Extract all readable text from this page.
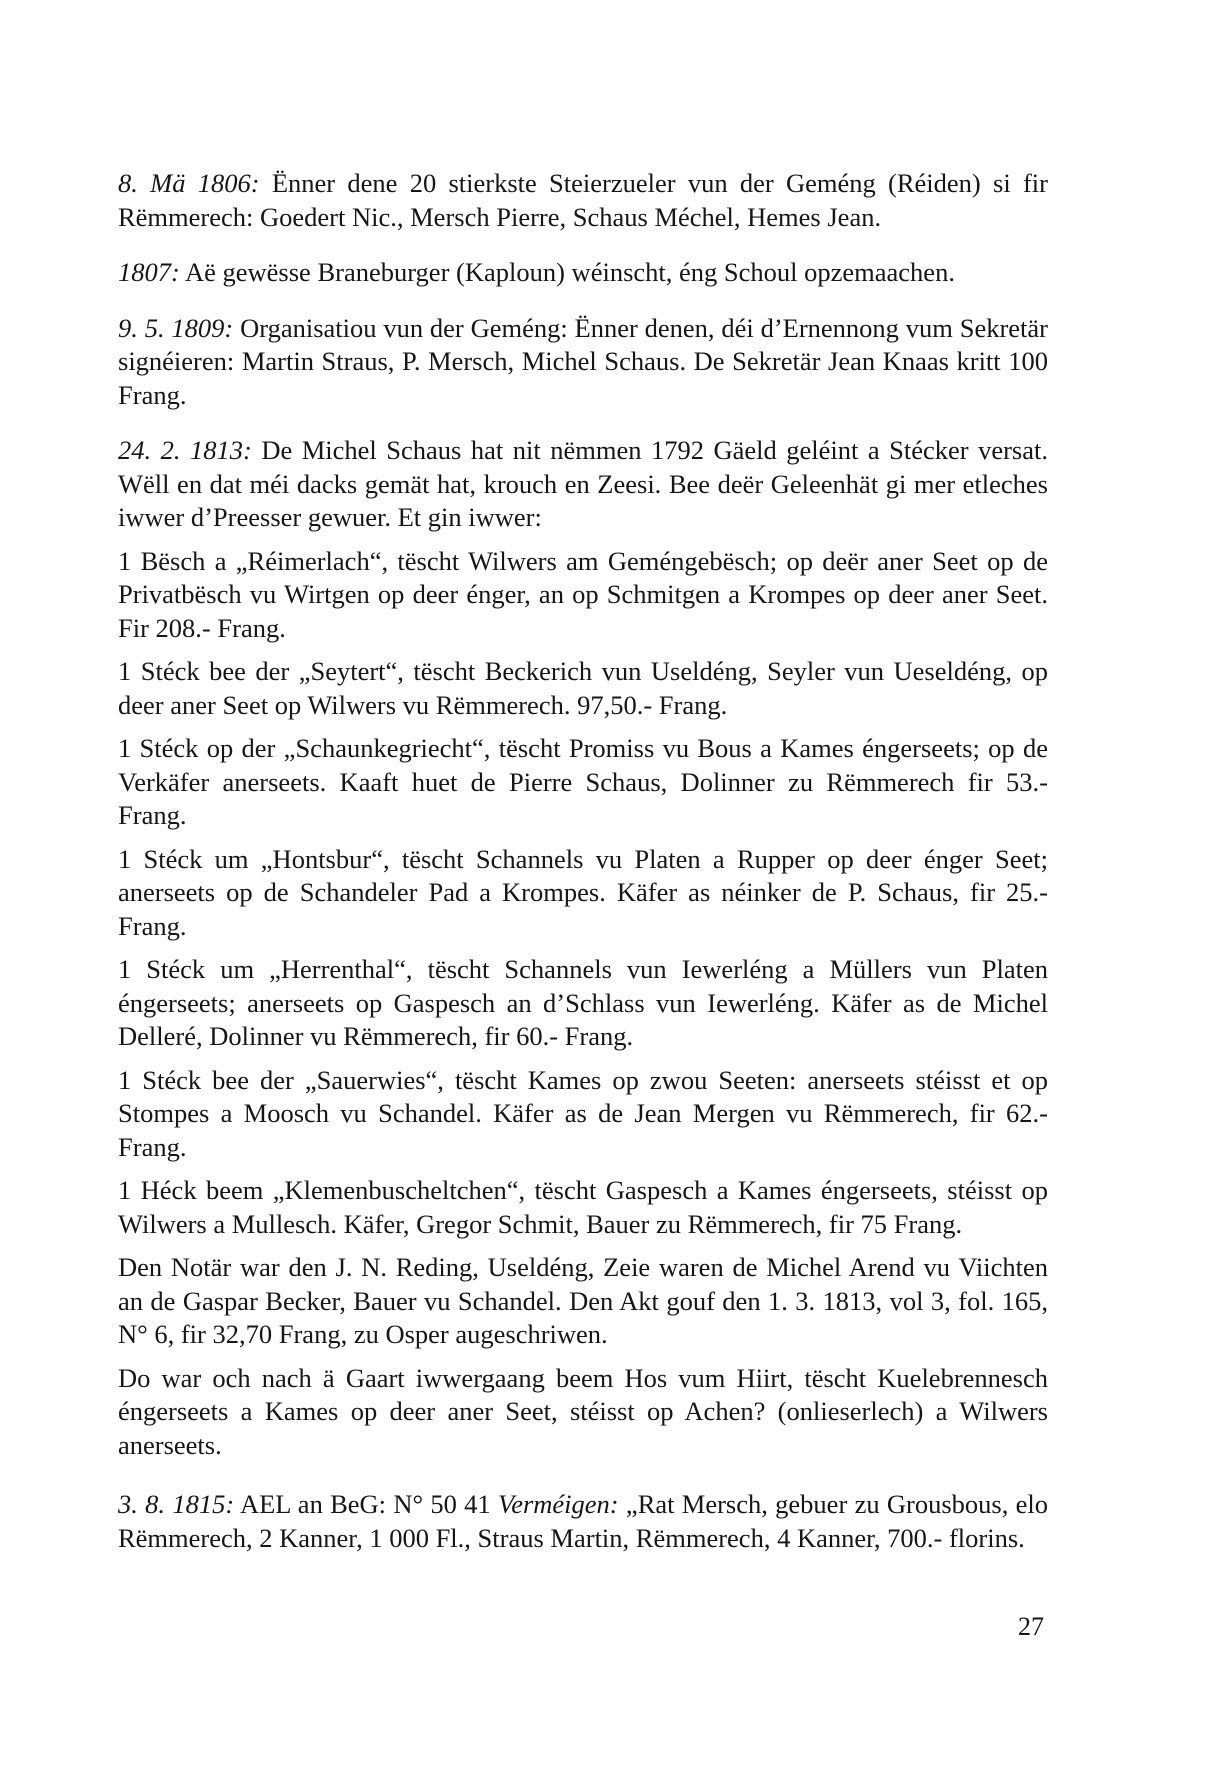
8. Mä 1806: Ënner dene 20 stierkste Steierzueler vun der Geméng (Réiden) si fir Rëmmerech: Goedert Nic., Mersch Pierre, Schaus Méchel, Hemes Jean.

1807: Aë gewësse Braneburger (Kaploun) wéinscht, éng Schoul opzemaachen.

9. 5. 1809: Organisatiou vun der Geméng: Ënner denen, déi d’Ernennong vum Sekretär signéieren: Martin Straus, P. Mersch, Michel Schaus. De Sekretär Jean Knaas kritt 100 Frang.

24. 2. 1813: De Michel Schaus hat nit nëmmen 1792 Gäeld geléint a Stécker versat. Wëll en dat méi dacks gemät hat, krouch en Zeesi. Bee deër Geleenhät gi mer etleches iwwer d’Preesser gewuer. Et gin iwwer:

1 Bësch a „Réimerlach“, tëscht Wilwers am Geméngebësch; op deër aner Seet op de Privatbësch vu Wirtgen op deer énger, an op Schmitgen a Krompes op deer aner Seet. Fir 208.- Frang.

1 Stéck bee der „Seytert“, tëscht Beckerich vun Useldéng, Seyler vun Ueseldéng, op deer aner Seet op Wilwers vu Rëmmerech. 97,50.- Frang.

1 Stéck op der „Schaunkegriecht“, tëscht Promiss vu Bous a Kames éngerseets; op de Verkäfer anerseets. Kaaft huet de Pierre Schaus, Dolinner zu Rëmmerech fir 53.- Frang.

1 Stéck um „Hontsbur“, tëscht Schannels vu Platen a Rupper op deer énger Seet; anerseets op de Schandeler Pad a Krompes. Käfer as néinker de P. Schaus, fir 25.- Frang.

1 Stéck um „Herrenthal“, tëscht Schannels vun Iewerléng a Müllers vun Platen éngerseets; anerseets op Gaspesch an d’Schlass vun Iewerléng. Käfer as de Michel Delleré, Dolinner vu Rëmmerech, fir 60.- Frang.

1 Stéck bee der „Sauerwies“, tëscht Kames op zwou Seeten: anerseets stéisst et op Stompes a Moosch vu Schandel. Käfer as de Jean Mergen vu Rëmmerech, fir 62.- Frang.

1 Héck beem „Klemenbuscheltchen“, tëscht Gaspesch a Kames éngerseets, stéisst op Wilwers a Mullesch. Käfer, Gregor Schmit, Bauer zu Rëmmerech, fir 75 Frang.

Den Notär war den J. N. Reding, Useldéng, Zeie waren de Michel Arend vu Viichten an de Gaspar Becker, Bauer vu Schandel. Den Akt gouf den 1. 3. 1813, vol 3, fol. 165, N° 6, fir 32,70 Frang, zu Osper augeschriwen.

Do war och nach ä Gaart iwwergaang beem Hos vum Hiirt, tëscht Kuelebrennesch éngerseets a Kames op deer aner Seet, stéisst op Achen? (onlieserlech) a Wilwers anerseets.

3. 8. 1815: AEL an BeG: N° 50 41 Verméigen: „Rat Mersch, gebuer zu Grousbous, elo Rëmmerech, 2 Kanner, 1 000 Fl., Straus Martin, Rëmmerech, 4 Kanner, 700.- florins.

27
